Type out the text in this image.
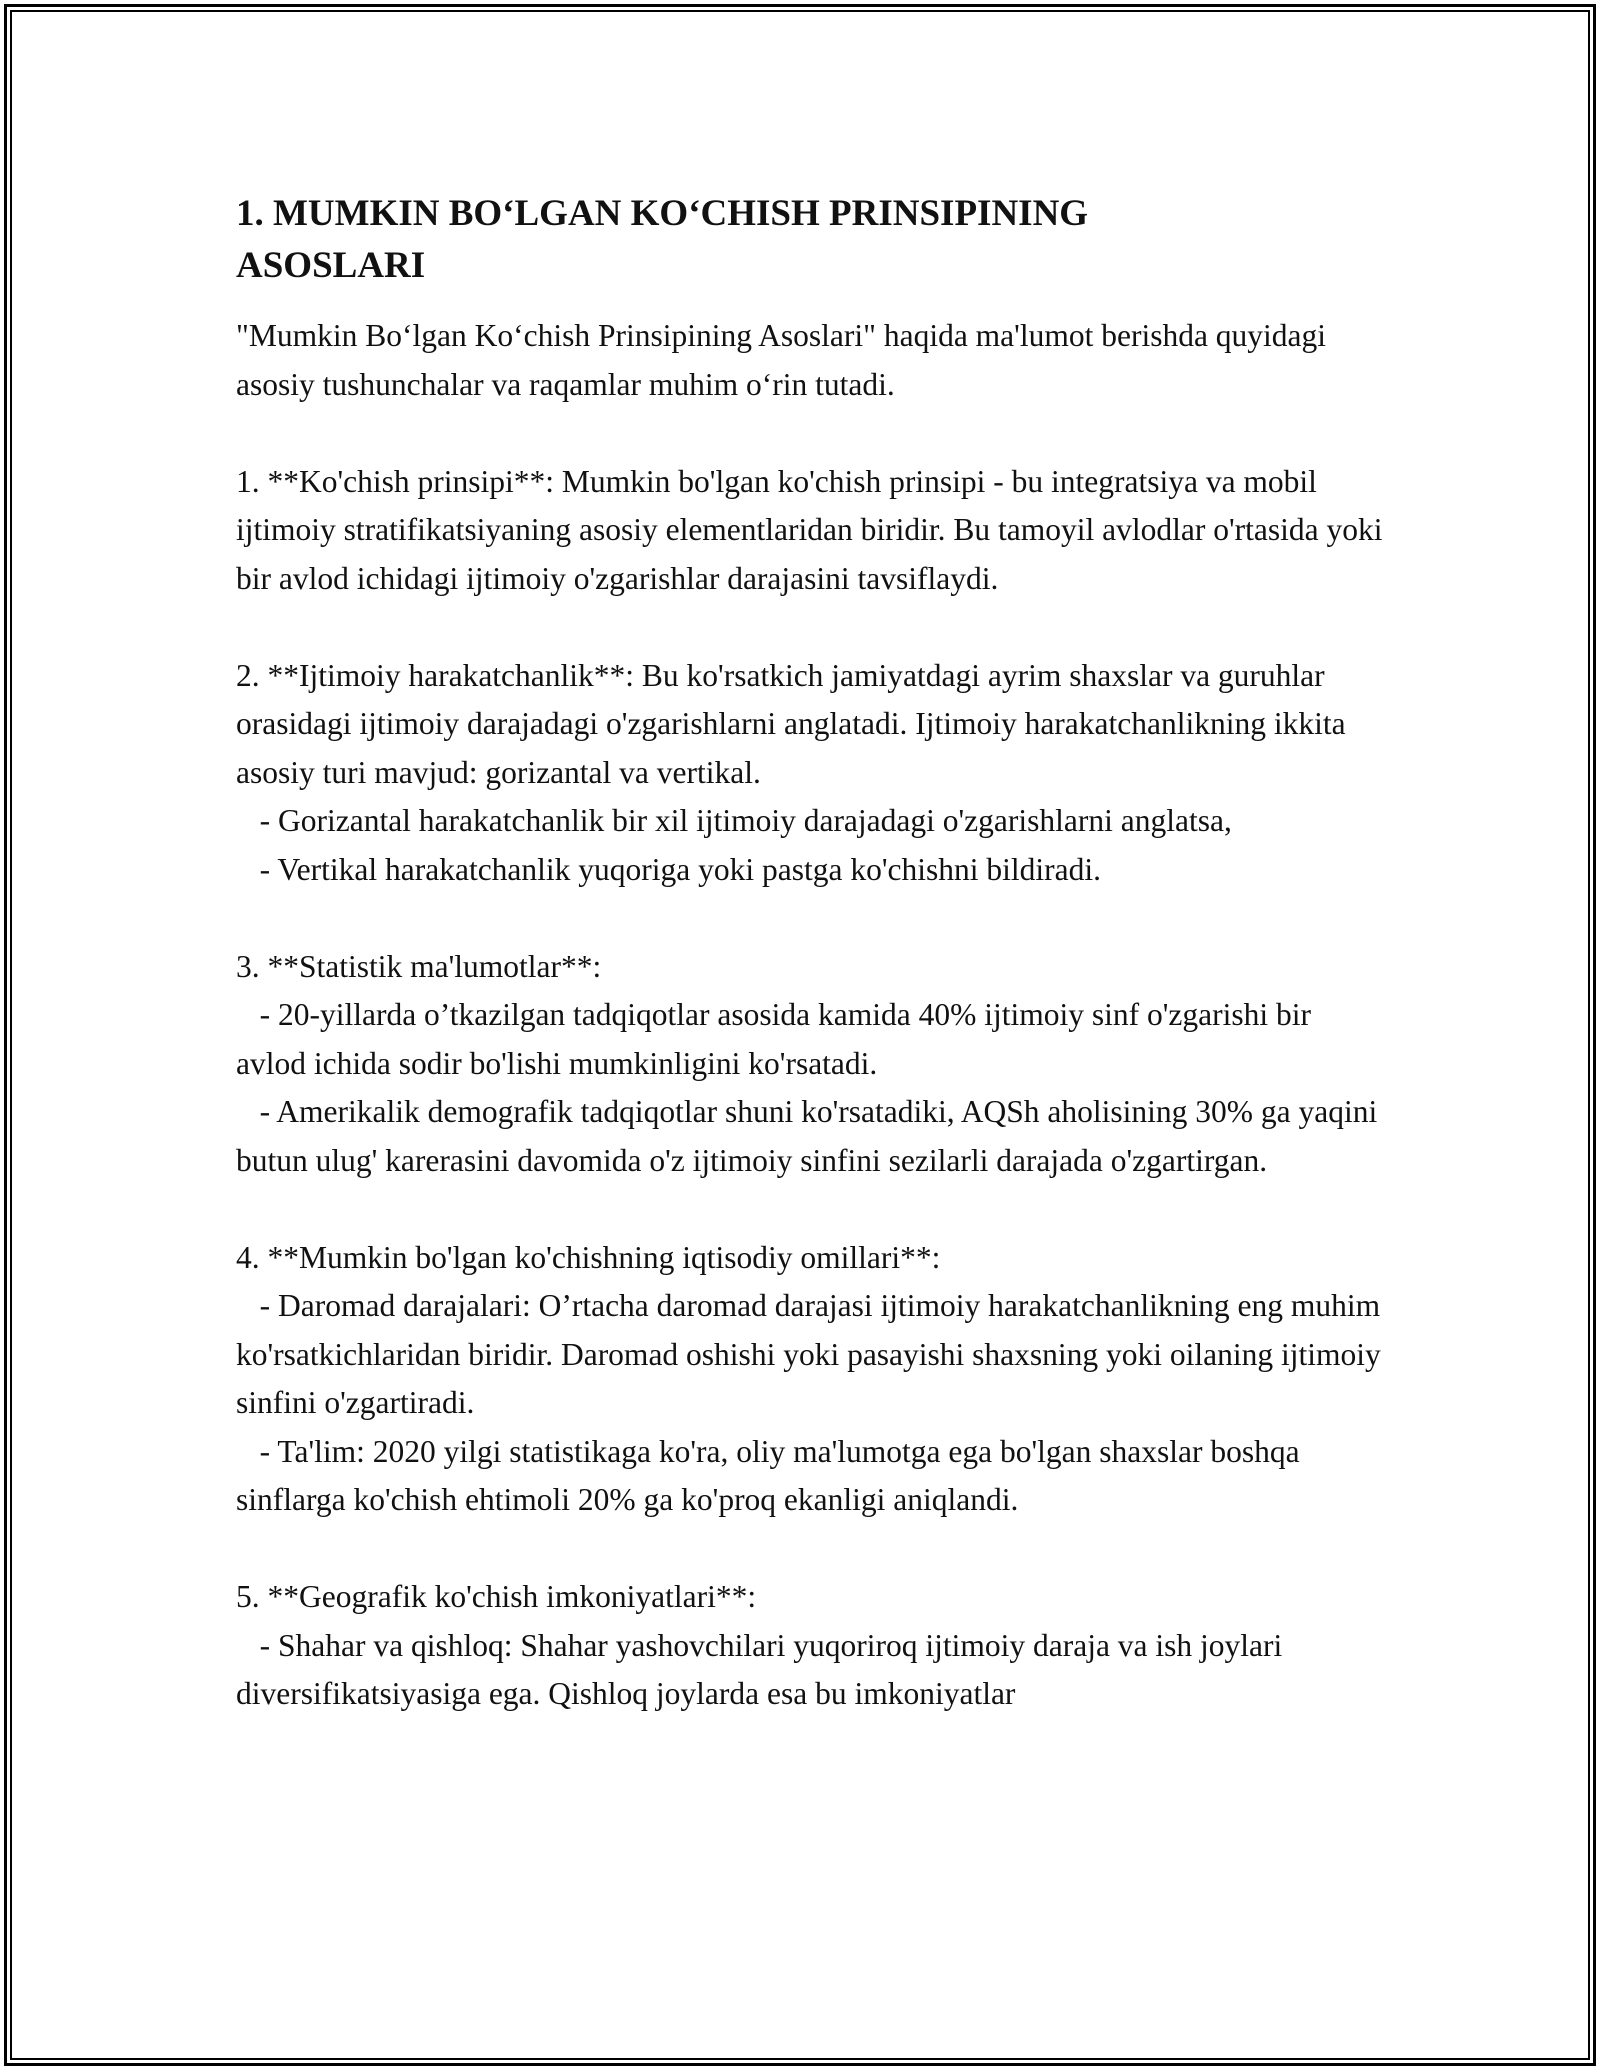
1. MUMKIN BO‘LGAN KO‘CHISH PRINSIPINING
ASOSLARI

"Mumkin Bo‘lgan Ko‘chish Prinsipining Asoslari" haqida ma'lumot berishda quyidagi asosiy tushunchalar va raqamlar muhim o‘rin tutadi.

1. **Ko'chish prinsipi**: Mumkin bo'lgan ko'chish prinsipi - bu integratsiya va mobil ijtimoiy stratifikatsiyaning asosiy elementlaridan biridir. Bu tamoyil avlodlar o'rtasida yoki bir avlod ichidagi ijtimoiy o'zgarishlar darajasini tavsiflaydi.

2. **Ijtimoiy harakatchanlik**: Bu ko'rsatkich jamiyatdagi ayrim shaxslar va guruhlar orasidagi ijtimoiy darajadagi o'zgarishlarni anglatadi. Ijtimoiy harakatchanlikning ikkita asosiy turi mavjud: gorizantal va vertikal.

- Gorizantal harakatchanlik bir xil ijtimoiy darajadagi o'zgarishlarni anglatsa,

- Vertikal harakatchanlik yuqoriga yoki pastga ko'chishni bildiradi.

3. **Statistik ma'lumotlar**:

- 20-yillarda o’tkazilgan tadqiqotlar asosida kamida 40% ijtimoiy sinf o'zgarishi bir avlod ichida sodir bo'lishi mumkinligini ko'rsatadi.

- Amerikalik demografik tadqiqotlar shuni ko'rsatadiki, AQSh aholisining 30% ga yaqini butun ulug' karerasini davomida o'z ijtimoiy sinfini sezilarli darajada o'zgartirgan.

4. **Mumkin bo'lgan ko'chishning iqtisodiy omillari**:

- Daromad darajalari: O’rtacha daromad darajasi ijtimoiy harakatchanlikning eng muhim ko'rsatkichlaridan biridir. Daromad oshishi yoki pasayishi shaxsning yoki oilaning ijtimoiy sinfini o'zgartiradi.

- Ta'lim: 2020 yilgi statistikaga ko'ra, oliy ma'lumotga ega bo'lgan shaxslar boshqa sinflarga ko'chish ehtimoli 20% ga ko'proq ekanligi aniqlandi.

5. **Geografik ko'chish imkoniyatlari**:

- Shahar va qishloq: Shahar yashovchilari yuqoriroq ijtimoiy daraja va ish joylari diversifikatsiyasiga ega. Qishloq joylarda esa bu imkoniyatlar
